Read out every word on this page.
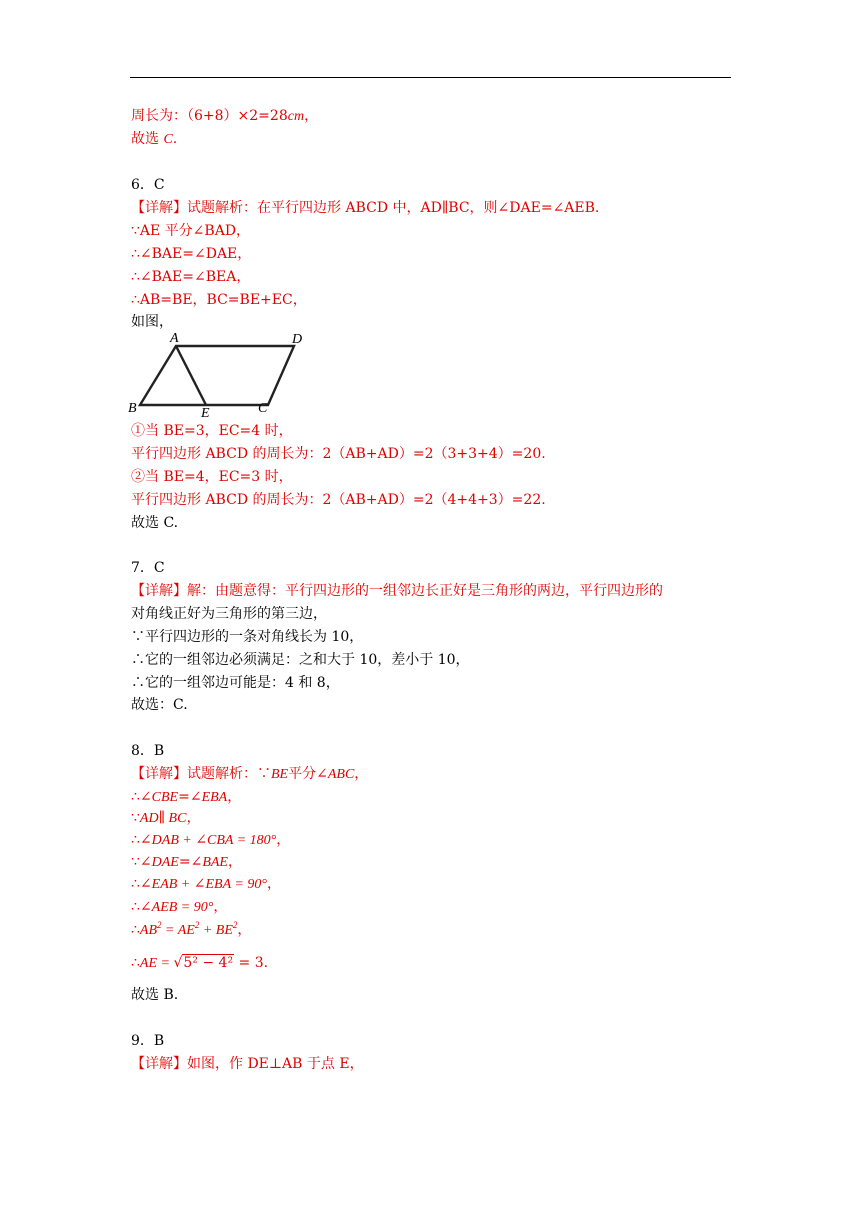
周长为：（6+8）×2=28cm，
故选 C.
6．C
【详解】试题解析：在平行四边形 ABCD 中，AD∥BC，则∠DAE=∠AEB.
∵AE 平分∠BAD，
∴∠BAE=∠DAE，
∴∠BAE=∠BEA，
∴AB=BE，BC=BE+EC，
如图，
A	D
B	E	C
①当 BE=3，EC=4 时，
平行四边形 ABCD 的周长为：2（AB+AD）=2（3+3+4）=20.
②当 BE=4，EC=3 时，
平行四边形 ABCD 的周长为：2（AB+AD）=2（4+4+3）=22.
故选 C.
7．C
【详解】解：由题意得：平行四边形的一组邻边长正好是三角形的两边，平行四边形的
对角线正好为三角形的第三边，
∵平行四边形的一条对角线长为 10，
∴它的一组邻边必须满足：之和大于 10，差小于 10，
∴它的一组邻边可能是：4 和 8，
故选：C.
8．B
【详解】试题解析：∵BE平分∠ABC，
∴∠CBE=∠EBA，
∵AD∥ BC，
∴∠DAB + ∠CBA = 180°，
∵∠DAE=∠BAE，
∴∠EAB + ∠EBA = 90°，
∴∠AEB = 90°，
$\therefore AB^2 = AE^2 + BE^2$，
∴AE = √5² − 4² = 3.
故选 B.
9．B
【详解】如图，作 DE⊥AB 于点 E，
